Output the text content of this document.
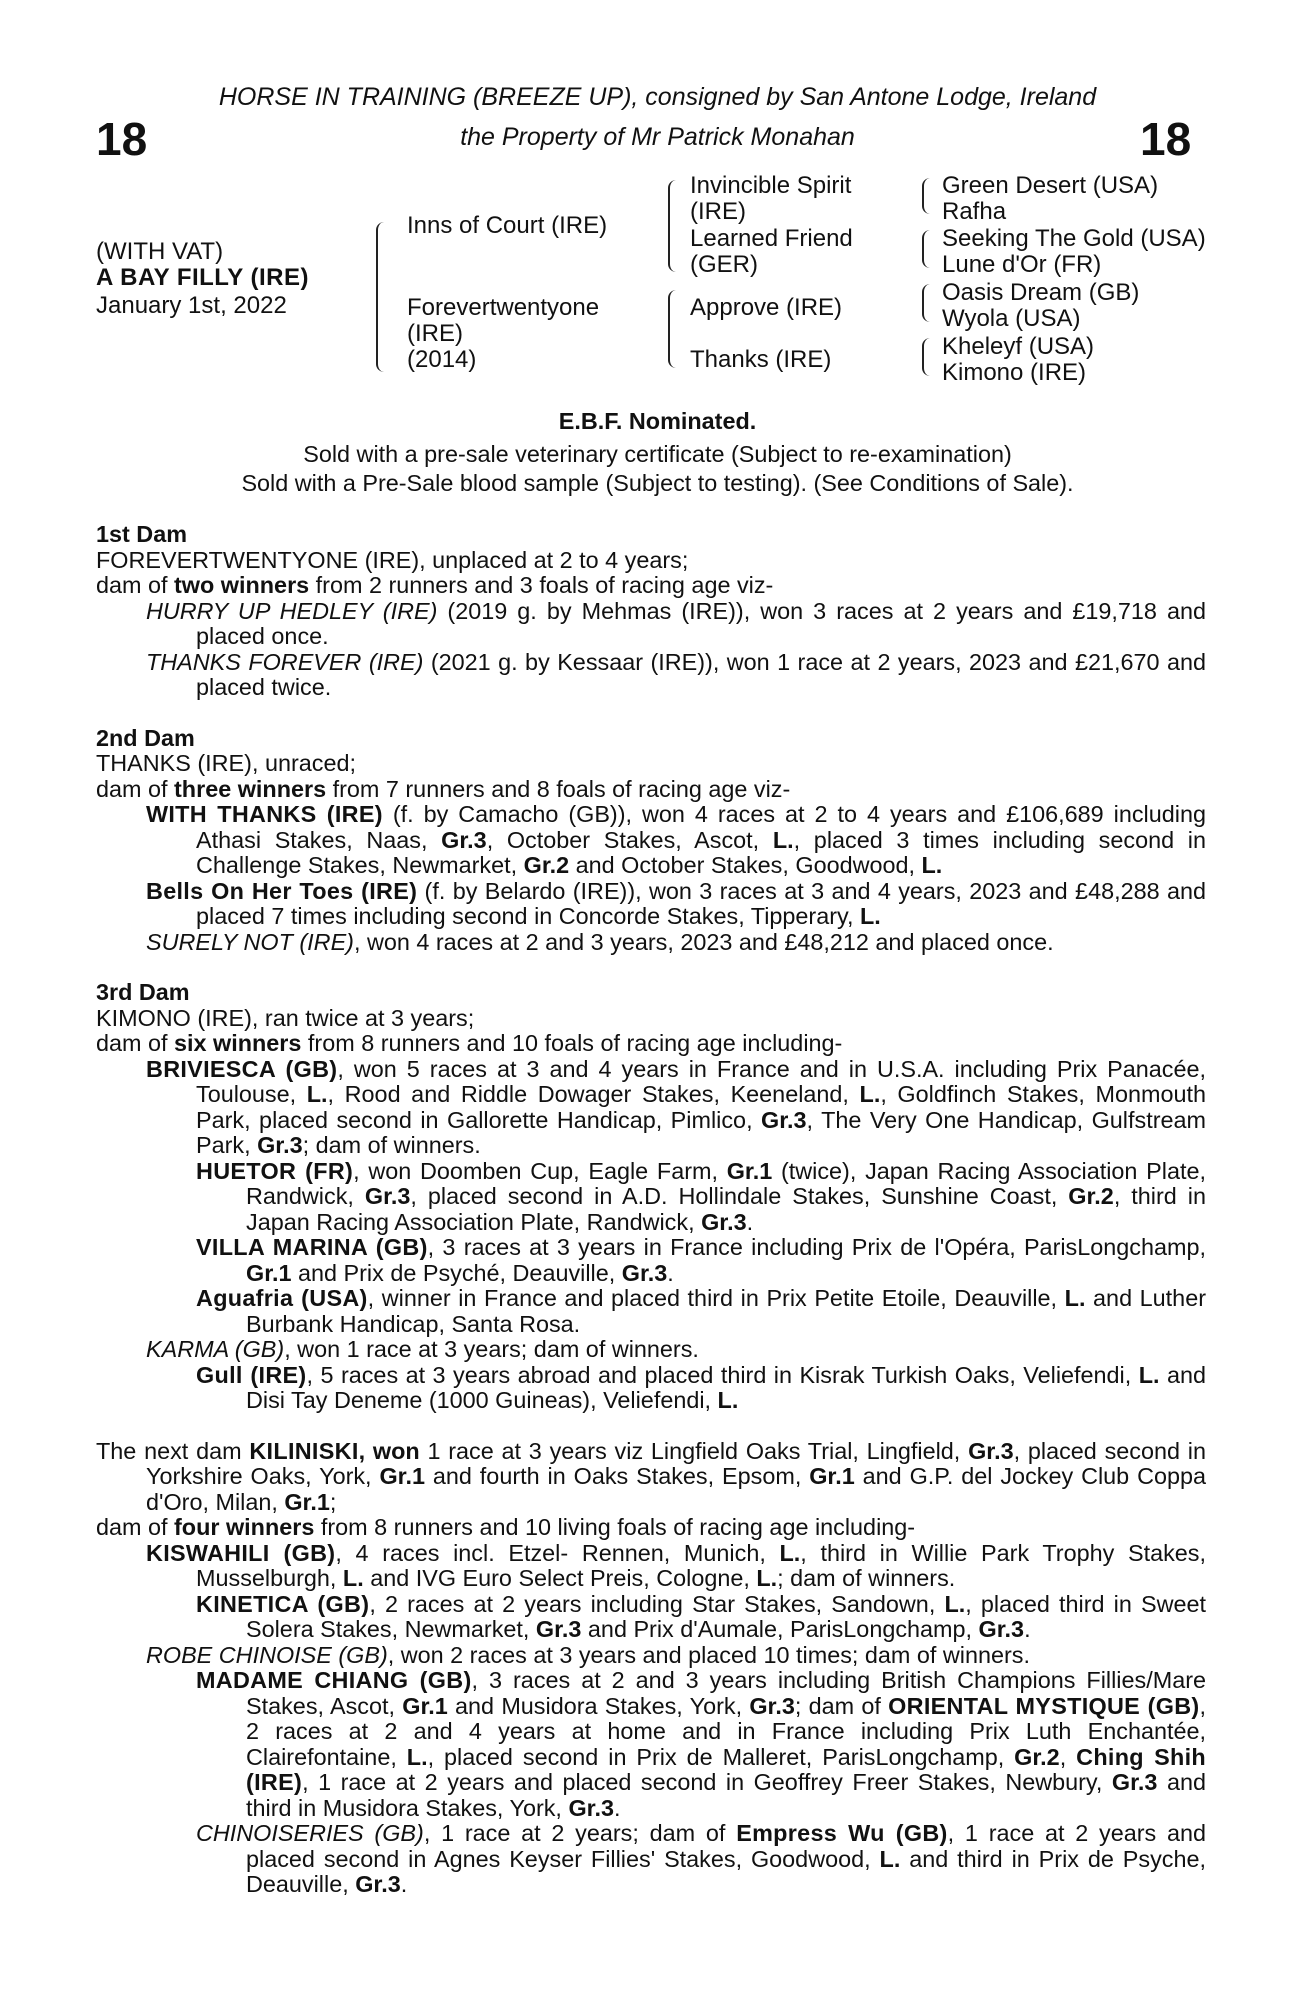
18	18
HORSE IN TRAINING (BREEZE UP), consigned by San Antone Lodge, Ireland
the Property of Mr Patrick Monahan
(WITH VAT)
A BAY FILLY (IRE)
January 1st, 2022
Inns of Court (IRE)
Forevertwentyone
(IRE)
(2014)
Invincible Spirit
(IRE)
Learned Friend
(GER)
Approve (IRE)
Thanks (IRE)
Green Desert (USA)
Rafha
Seeking The Gold (USA)
Lune d'Or (FR)
Oasis Dream (GB)
Wyola (USA)
Kheleyf (USA)
Kimono (IRE)
E.B.F. Nominated.
Sold with a pre-sale veterinary certificate (Subject to re-examination)
Sold with a Pre-Sale blood sample (Subject to testing). (See Conditions of Sale).

1st Dam

FOREVERTWENTYONE (IRE), unplaced at 2 to 4 years;

dam of two winners from 2 runners and 3 foals of racing age viz-

HURRY UP HEDLEY (IRE) (2019 g. by Mehmas (IRE)), won 3 races at 2 years and £19,718 and placed once.

THANKS FOREVER (IRE) (2021 g. by Kessaar (IRE)), won 1 race at 2 years, 2023 and £21,670 and placed twice.

2nd Dam

THANKS (IRE), unraced;

dam of three winners from 7 runners and 8 foals of racing age viz-

WITH THANKS (IRE) (f. by Camacho (GB)), won 4 races at 2 to 4 years and £106,689 including Athasi Stakes, Naas, Gr.3, October Stakes, Ascot, L., placed 3 times including second in Challenge Stakes, Newmarket, Gr.2 and October Stakes, Goodwood, L.

Bells On Her Toes (IRE) (f. by Belardo (IRE)), won 3 races at 3 and 4 years, 2023 and £48,288 and placed 7 times including second in Concorde Stakes, Tipperary, L.

SURELY NOT (IRE), won 4 races at 2 and 3 years, 2023 and £48,212 and placed once.

3rd Dam

KIMONO (IRE), ran twice at 3 years;

dam of six winners from 8 runners and 10 foals of racing age including-

BRIVIESCA (GB), won 5 races at 3 and 4 years in France and in U.S.A. including Prix Panacée, Toulouse, L., Rood and Riddle Dowager Stakes, Keeneland, L., Goldfinch Stakes, Monmouth Park, placed second in Gallorette Handicap, Pimlico, Gr.3, The Very One Handicap, Gulfstream Park, Gr.3; dam of winners.

HUETOR (FR), won Doomben Cup, Eagle Farm, Gr.1 (twice), Japan Racing Association Plate, Randwick, Gr.3, placed second in A.D. Hollindale Stakes, Sunshine Coast, Gr.2, third in Japan Racing Association Plate, Randwick, Gr.3.

VILLA MARINA (GB), 3 races at 3 years in France including Prix de l'Opéra, ParisLongchamp, Gr.1 and Prix de Psyché, Deauville, Gr.3.

Aguafria (USA), winner in France and placed third in Prix Petite Etoile, Deauville, L. and Luther Burbank Handicap, Santa Rosa.

KARMA (GB), won 1 race at 3 years; dam of winners.

Gull (IRE), 5 races at 3 years abroad and placed third in Kisrak Turkish Oaks, Veliefendi, L. and Disi Tay Deneme (1000 Guineas), Veliefendi, L.

The next dam KILINISKI, won 1 race at 3 years viz Lingfield Oaks Trial, Lingfield, Gr.3, placed second in Yorkshire Oaks, York, Gr.1 and fourth in Oaks Stakes, Epsom, Gr.1 and G.P. del Jockey Club Coppa d'Oro, Milan, Gr.1;

dam of four winners from 8 runners and 10 living foals of racing age including-

KISWAHILI (GB), 4 races incl. Etzel- Rennen, Munich, L., third in Willie Park Trophy Stakes, Musselburgh, L. and IVG Euro Select Preis, Cologne, L.; dam of winners.

KINETICA (GB), 2 races at 2 years including Star Stakes, Sandown, L., placed third in Sweet Solera Stakes, Newmarket, Gr.3 and Prix d'Aumale, ParisLongchamp, Gr.3.

ROBE CHINOISE (GB), won 2 races at 3 years and placed 10 times; dam of winners.

MADAME CHIANG (GB), 3 races at 2 and 3 years including British Champions Fillies/Mare Stakes, Ascot, Gr.1 and Musidora Stakes, York, Gr.3; dam of ORIENTAL MYSTIQUE (GB), 2 races at 2 and 4 years at home and in France including Prix Luth Enchantée, Clairefontaine, L., placed second in Prix de Malleret, ParisLongchamp, Gr.2, Ching Shih (IRE), 1 race at 2 years and placed second in Geoffrey Freer Stakes, Newbury, Gr.3 and third in Musidora Stakes, York, Gr.3.

CHINOISERIES (GB), 1 race at 2 years; dam of Empress Wu (GB), 1 race at 2 years and placed second in Agnes Keyser Fillies' Stakes, Goodwood, L. and third in Prix de Psyche, Deauville, Gr.3.
